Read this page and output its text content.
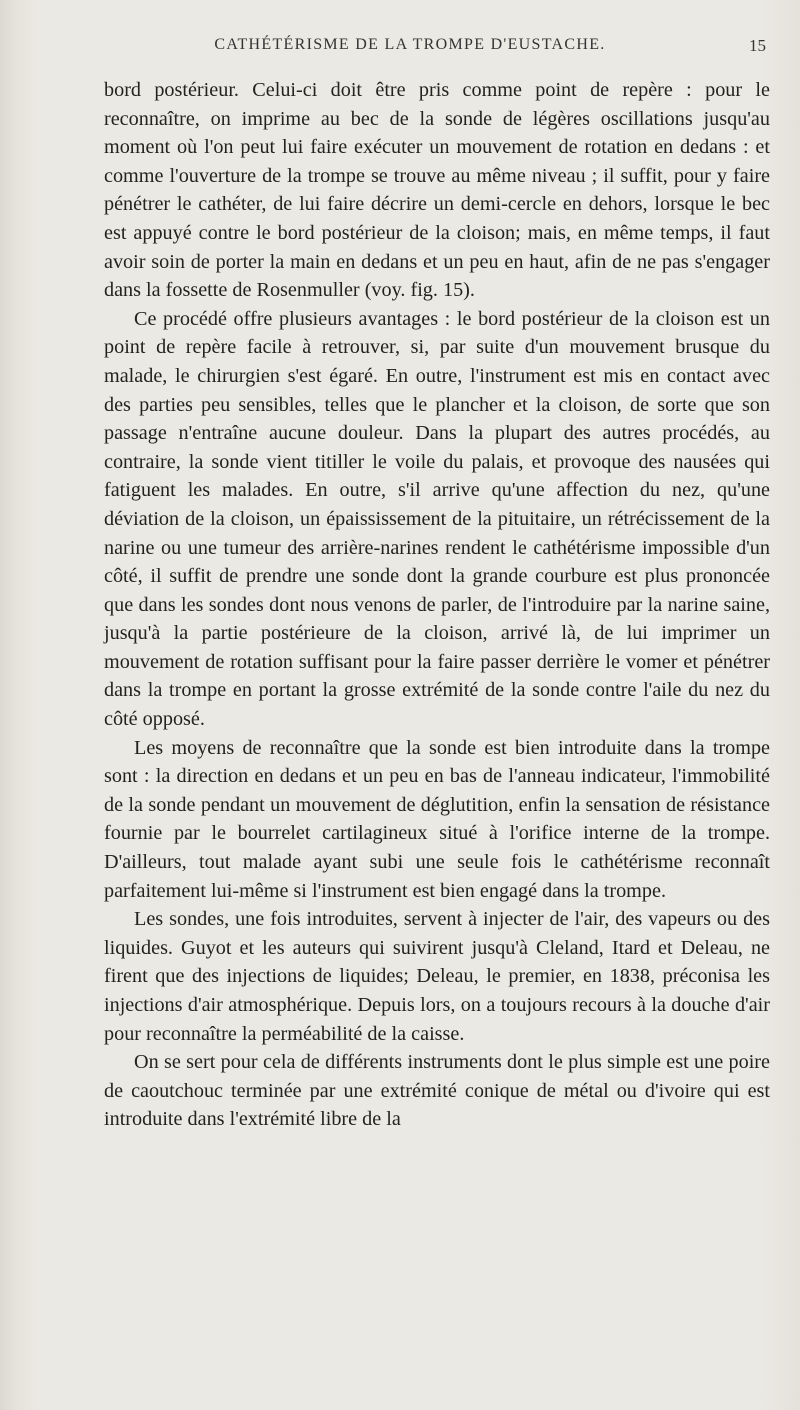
CATHÉTÉRISME DE LA TROMPE D'EUSTACHE.	15

bord postérieur. Celui-ci doit être pris comme point de repère : pour le reconnaître, on imprime au bec de la sonde de légères oscillations jusqu'au moment où l'on peut lui faire exécuter un mouvement de rotation en dedans : et comme l'ouverture de la trompe se trouve au même niveau ; il suffit, pour y faire pénétrer le cathéter, de lui faire décrire un demi-cercle en dehors, lorsque le bec est appuyé contre le bord postérieur de la cloison; mais, en même temps, il faut avoir soin de porter la main en dedans et un peu en haut, afin de ne pas s'engager dans la fossette de Rosenmuller (voy. fig. 15).

Ce procédé offre plusieurs avantages : le bord postérieur de la cloison est un point de repère facile à retrouver, si, par suite d'un mouvement brusque du malade, le chirurgien s'est égaré. En outre, l'instrument est mis en contact avec des parties peu sensibles, telles que le plancher et la cloison, de sorte que son passage n'entraîne aucune douleur. Dans la plupart des autres procédés, au contraire, la sonde vient titiller le voile du palais, et provoque des nausées qui fatiguent les malades. En outre, s'il arrive qu'une affection du nez, qu'une déviation de la cloison, un épaississement de la pituitaire, un rétrécissement de la narine ou une tumeur des arrière-narines rendent le cathétérisme impossible d'un côté, il suffit de prendre une sonde dont la grande courbure est plus prononcée que dans les sondes dont nous venons de parler, de l'introduire par la narine saine, jusqu'à la partie postérieure de la cloison, arrivé là, de lui imprimer un mouvement de rotation suffisant pour la faire passer derrière le vomer et pénétrer dans la trompe en portant la grosse extrémité de la sonde contre l'aile du nez du côté opposé.

Les moyens de reconnaître que la sonde est bien introduite dans la trompe sont : la direction en dedans et un peu en bas de l'anneau indicateur, l'immobilité de la sonde pendant un mouvement de déglutition, enfin la sensation de résistance fournie par le bourrelet cartilagineux situé à l'orifice interne de la trompe. D'ailleurs, tout malade ayant subi une seule fois le cathétérisme reconnaît parfaitement lui-même si l'instrument est bien engagé dans la trompe.

Les sondes, une fois introduites, servent à injecter de l'air, des vapeurs ou des liquides. Guyot et les auteurs qui suivirent jusqu'à Cleland, Itard et Deleau, ne firent que des injections de liquides; Deleau, le premier, en 1838, préconisa les injections d'air atmosphérique. Depuis lors, on a toujours recours à la douche d'air pour reconnaître la perméabilité de la caisse.

On se sert pour cela de différents instruments dont le plus simple est une poire de caoutchouc terminée par une extrémité conique de métal ou d'ivoire qui est introduite dans l'extrémité libre de la
